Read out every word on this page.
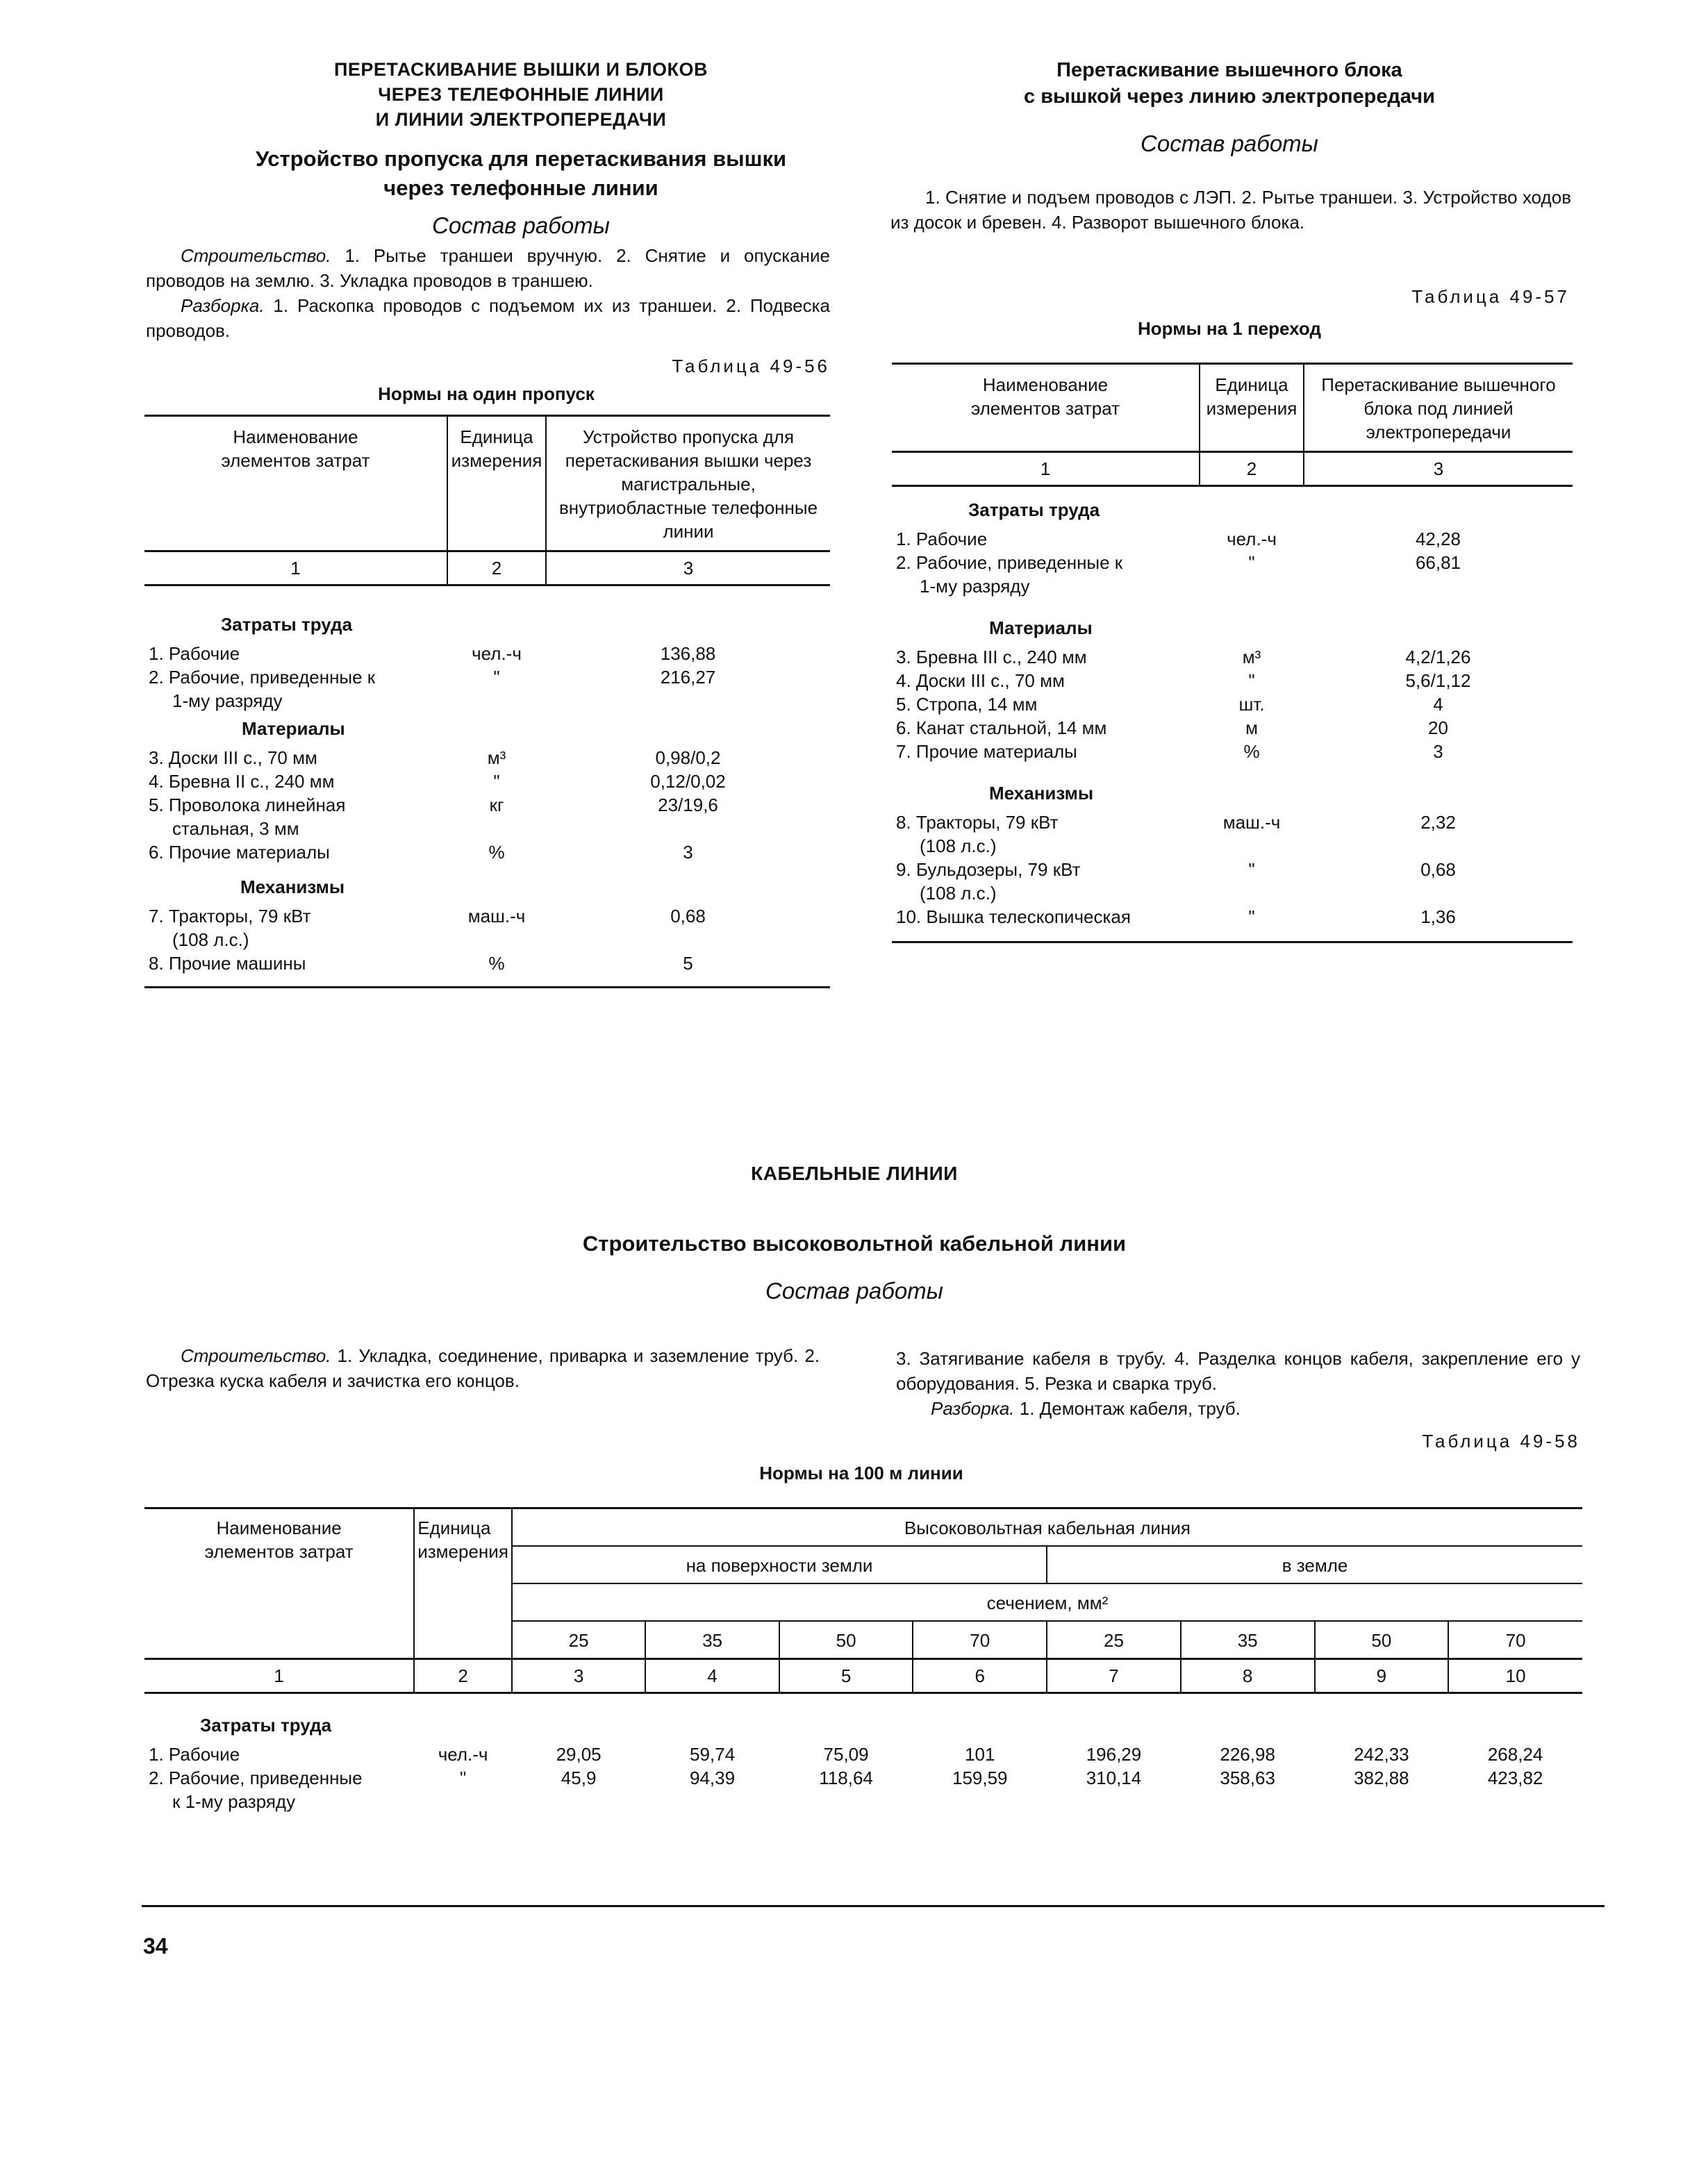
ПЕРЕТАСКИВАНИЕ ВЫШКИ И БЛОКОВ
ЧЕРЕЗ ТЕЛЕФОННЫЕ ЛИНИИ
И ЛИНИИ ЭЛЕКТРОПЕРЕДАЧИ
Устройство пропуска для перетаскивания вышки
через телефонные линии
Состав работы
Строительство. 1. Рытье траншеи вручную. 2. Снятие и опускание проводов на землю. 3. Укладка проводов в траншею.
Разборка. 1. Раскопка проводов с подъемом их из траншеи. 2. Подвеска проводов.
Таблица 49-56
Нормы на один пропуск
Наименование элементов затрат	Единица измерения	Устройство пропуска для перетаскивания вышки через магистральные, внутриобластные телефонные линии
1	2	3
Затраты труда		
1. Рабочие	чел.-ч	136,88

2. Рабочие, приведенные к
1-му разряду	"	216,27
Материалы		
3. Доски III с., 70 мм	м³	0,98/0,2
4. Бревна II с., 240 мм	"	0,12/0,02

5. Проволока линейная
стальная, 3 мм	кг	23/19,6
6. Прочие материалы	%	3
Механизмы		

7. Тракторы, 79 кВт
(108 л.с.)	маш.-ч	0,68
8. Прочие машины	%	5
Перетаскивание вышечного блока
с вышкой через линию электропередачи
Состав работы
1. Снятие и подъем проводов с ЛЭП. 2. Рытье траншеи. 3. Устройство ходов из досок и бревен. 4. Разворот вышечного блока.
Таблица 49-57
Нормы на 1 переход
Наименование элементов затрат	Единица измерения	Перетаскивание вышечного блока под линией электропередачи
1	2	3
Затраты труда		
1. Рабочие	чел.-ч	42,28

2. Рабочие, приведенные к
1-му разряду	"	66,81
Материалы		
3. Бревна III с., 240 мм	м³	4,2/1,26
4. Доски III с., 70 мм	"	5,6/1,12
5. Стропа, 14 мм	шт.	4
6. Канат стальной, 14 мм	м	20
7. Прочие материалы	%	3
Механизмы		

8. Тракторы, 79 кВт
(108 л.с.)	маш.-ч	2,32

9. Бульдозеры, 79 кВт
(108 л.с.)	"	0,68
10. Вышка телескопическая	"	1,36
КАБЕЛЬНЫЕ ЛИНИИ
Строительство высоковольтной кабельной линии
Состав работы
Строительство. 1. Укладка, соединение, приварка и заземление труб. 2. Отрезка куска кабеля и зачистка его концов.
3. Затягивание кабеля в трубу. 4. Разделка концов кабеля, закрепление его у оборудования. 5. Резка и сварка труб.
Разборка. 1. Демонтаж кабеля, труб.
Таблица 49-58
Нормы на 100 м линии
Наименование элементов затрат	Единица измерения	Высоковольтная кабельная линия							
		на поверхности земли				в земле			
		сечением, мм²							
		25	35	50	70	25	35	50	70
1	2	3	4	5	6	7	8	9	10
Затраты труда									
1. Рабочие	чел.-ч	29,05	59,74	75,09	101	196,29	226,98	242,33	268,24

2. Рабочие, приведенные
к 1-му разряду	"	45,9	94,39	118,64	159,59	310,14	358,63	382,88	423,82
34
